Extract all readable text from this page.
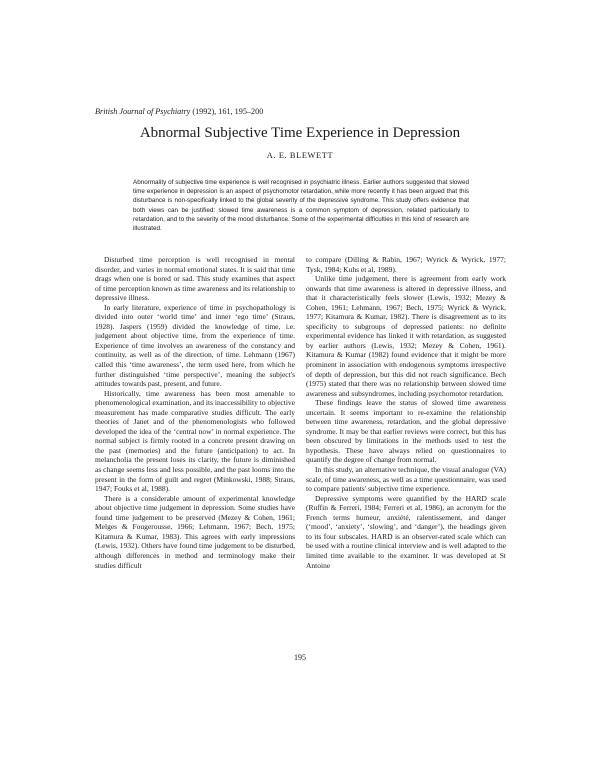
British Journal of Psychiatry (1992), 161, 195–200
Abnormal Subjective Time Experience in Depression
A. E. BLEWETT
Abnormality of subjective time experience is well recognised in psychiatric illness. Earlier authors suggested that slowed time experience in depression is an aspect of psychomotor retardation, while more recently it has been argued that this disturbance is non-specifically linked to the global severity of the depressive syndrome. This study offers evidence that both views can be justified: slowed time awareness is a common symptom of depression, related particularly to retardation, and to the severity of the mood disturbance. Some of the experimental difficulties in this kind of research are illustrated.

Disturbed time perception is well recognised in mental disorder, and varies in normal emotional states. It is said that time drags when one is bored or sad. This study examines that aspect of time perception known as time awareness and its relationship to depressive illness.

In early literature, experience of time in psychopathology is divided into outer ‘world time’ and inner ‘ego time’ (Straus, 1928). Jaspers (1959) divided the knowledge of time, i.e. judgement about objective time, from the experience of time. Experience of time involves an awareness of the constancy and continuity, as well as of the direction, of time. Lehmann (1967) called this ‘time awareness’, the term used here, from which he further distinguished ‘time perspective’, meaning the subject's attitudes towards past, present, and future.

Historically, time awareness has been most amenable to phenomenological examination, and its inaccessibility to objective measurement has made comparative studies difficult. The early theories of Janet and of the phenomenologists who followed developed the idea of the ‘central now’ in normal experience. The normal subject is firmly rooted in a concrete present drawing on the past (memories) and the future (anticipation) to act. In melancholia the present loses its clarity, the future is diminished as change seems less and less possible, and the past looms into the present in the form of guilt and regret (Minkowski, 1988; Straus, 1947; Fouks et al, 1988).

There is a considerable amount of experimental knowledge about objective time judgement in depression. Some studies have found time judgement to be preserved (Mezey & Cohen, 1961; Melges & Fougerousse, 1966; Lehmann, 1967; Bech, 1975; Kitamura & Kumar, 1983). This agrees with early impressions (Lewis, 1932). Others have found time judgement to be disturbed, although differences in method and terminology make their studies difficult

to compare (Dilling & Rabin, 1967; Wyrick & Wyrick, 1977; Tysk, 1984; Kuhs et al, 1989).

Unlike time judgement, there is agreement from early work onwards that time awareness is altered in depressive illness, and that it characteristically feels slower (Lewis, 1932; Mezey & Cohen, 1961; Lehmann, 1967; Bech, 1975; Wyrick & Wyrick, 1977; Kitamura & Kumar, 1982). There is disagreement as to its specificity to subgroups of depressed patients: no definite experimental evidence has linked it with retardation, as suggested by earlier authors (Lewis, 1932; Mezey & Cohen, 1961). Kitamura & Kumar (1982) found evidence that it might be more prominent in association with endogenous symptoms irrespective of depth of depression, but this did not reach significance. Bech (1975) stated that there was no relationship between slowed time awareness and subsyndromes, including psychomotor retardation.

These findings leave the status of slowed time awareness uncertain. It seems important to re-examine the relationship between time awareness, retardation, and the global depressive syndrome. It may be that earlier reviews were correct, but this has been obscured by limitations in the methods used to test the hypothesis. These have always relied on questionnaires to quantify the degree of change from normal.

In this study, an alternative technique, the visual analogue (VA) scale, of time awareness, as well as a time questionnaire, was used to compare patients' subjective time experience.

Depressive symptoms were quantified by the HARD scale (Ruffin & Ferreri, 1984; Ferreri et al, 1986), an acronym for the French terms humeur, anxiété, ralentissement, and danger (‘mood’, ‘anxiety’, ‘slowing’, and ‘danger’), the headings given to its four subscales. HARD is an observer-rated scale which can be used with a routine clinical interview and is well adapted to the limited time available to the examiner. It was developed at St Antoine

195
